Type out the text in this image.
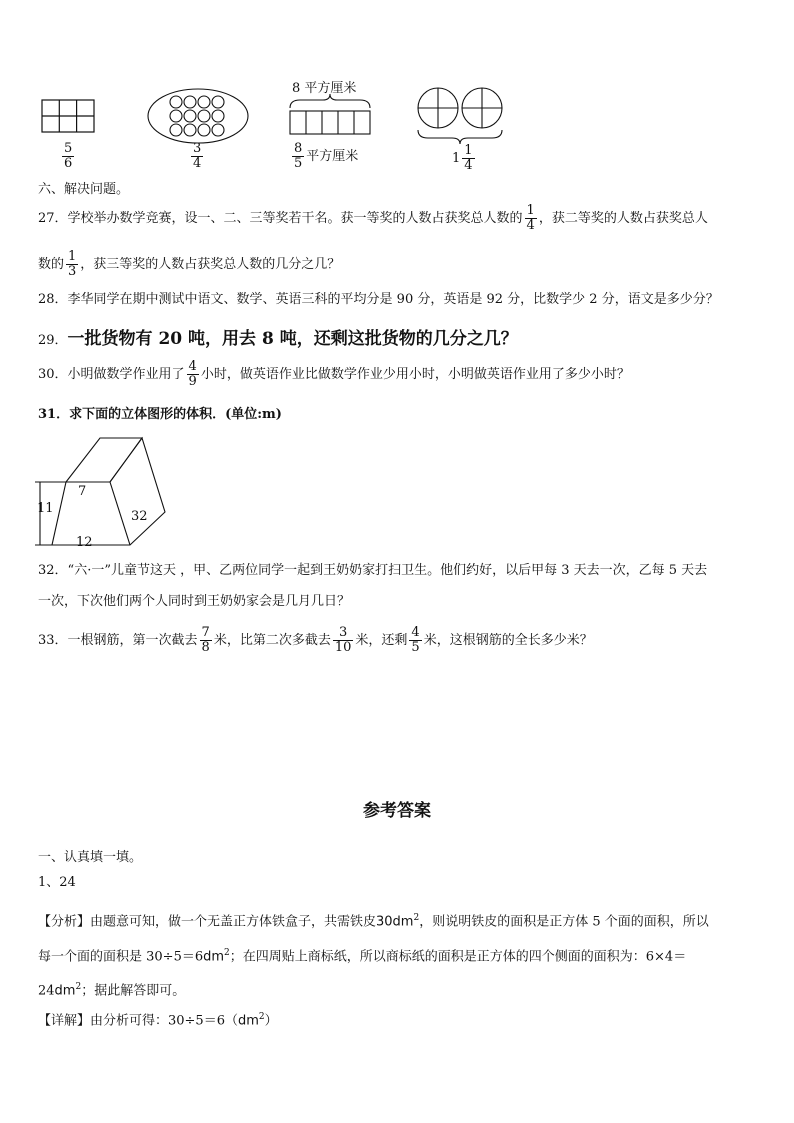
8 平方厘米
$\frac{5}{6}$	$\frac{3}{4}$	$\frac{8}{5}$ 平方厘米	$1 \frac{1}{4}$
六、解决问题。
27．学校举办数学竞赛，设一、二、三等奖若干名。获一等奖的人数占获奖总人数的 $\frac{1}{4}$ ，获二等奖的人数占获奖总人
数的 $\frac{1}{3}$ ，获三等奖的人数占获奖总人数的几分之几？
28．李华同学在期中测试中语文、数学、英语三科的平均分是 90 分，英语是 92 分，比数学少 2 分，语文是多少分？
29．一批货物有 20 吨，用去 8 吨，还剩这批货物的几分之几？
30．小明做数学作业用了 $\frac{4}{9}$ 小时，做英语作业比做数学作业少用小时，小明做英语作业用了多少小时？
31．求下面的立体图形的体积．(单位:m)
7
11
32
12
32．“六·一”儿童节这天 ，甲、乙两位同学一起到王奶奶家打扫卫生。他们约好，以后甲每 3 天去一次，乙每 5 天去
一次，下次他们两个人同时到王奶奶家会是几月几日？
33．一根钢筋，第一次截去 $\frac{7}{8}$ 米，比第二次多截去 $\frac{3}{10}$ 米，还剩 $\frac{4}{5}$ 米，这根钢筋的全长多少米？
参考答案
一、认真填一填。
1、24
【分析】由题意可知，做一个无盖正方体铁盒子，共需铁皮$30dm^2$，则说明铁皮的面积是正方体 5 个面的面积，所以
每一个面的面积是 $30\div 5=6dm^2$；在四周贴上商标纸，所以商标纸的面积是正方体的四个侧面的面积为：6×4＝
$24dm^2$；据此解答即可。
【详解】由分析可得：$30\div 5=6(dm^2)$
